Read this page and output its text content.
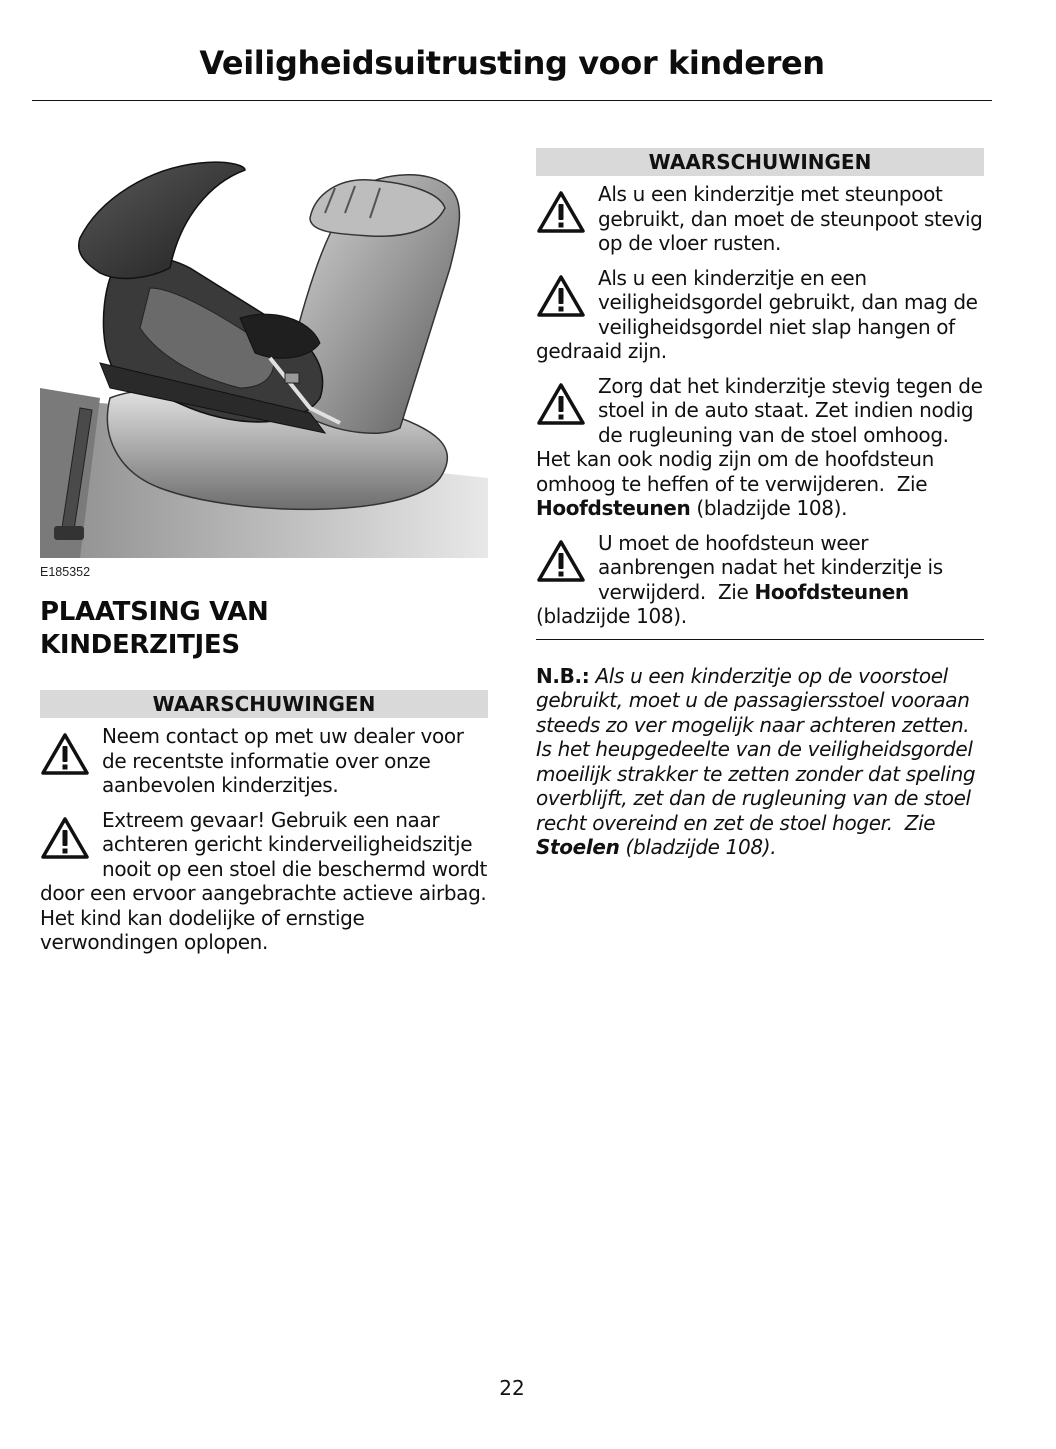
Veiligheidsuitrusting voor kinderen
E185352
PLAATSING VAN
KINDERZITJES
WAARSCHUWINGEN

Neem contact op met uw dealer voor de recentste informatie over onze aanbevolen kinderzitjes.

Extreem gevaar! Gebruik een naar achteren gericht kinderveiligheidszitje nooit op een stoel die beschermd wordt door een ervoor aangebrachte actieve airbag. Het kind kan dodelijke of ernstige verwondingen oplopen.

WAARSCHUWINGEN

Als u een kinderzitje met steunpoot gebruikt, dan moet de steunpoot stevig op de vloer rusten.

Als u een kinderzitje en een veiligheidsgordel gebruikt, dan mag de veiligheidsgordel niet slap hangen of gedraaid zijn.

Zorg dat het kinderzitje stevig tegen de stoel in de auto staat. Zet indien nodig de rugleuning van de stoel omhoog. Het kan ook nodig zijn om de hoofdsteun omhoog te heffen of te verwijderen. Zie Hoofdsteunen (bladzijde 108).

U moet de hoofdsteun weer aanbrengen nadat het kinderzitje is verwijderd. Zie Hoofdsteunen (bladzijde 108).

N.B.: Als u een kinderzitje op de voorstoel gebruikt, moet u de passagiersstoel vooraan steeds zo ver mogelijk naar achteren zetten. Is het heupgedeelte van de veiligheidsgordel moeilijk strakker te zetten zonder dat speling overblijft, zet dan de rugleuning van de stoel recht overeind en zet de stoel hoger. Zie Stoelen (bladzijde 108).
22
